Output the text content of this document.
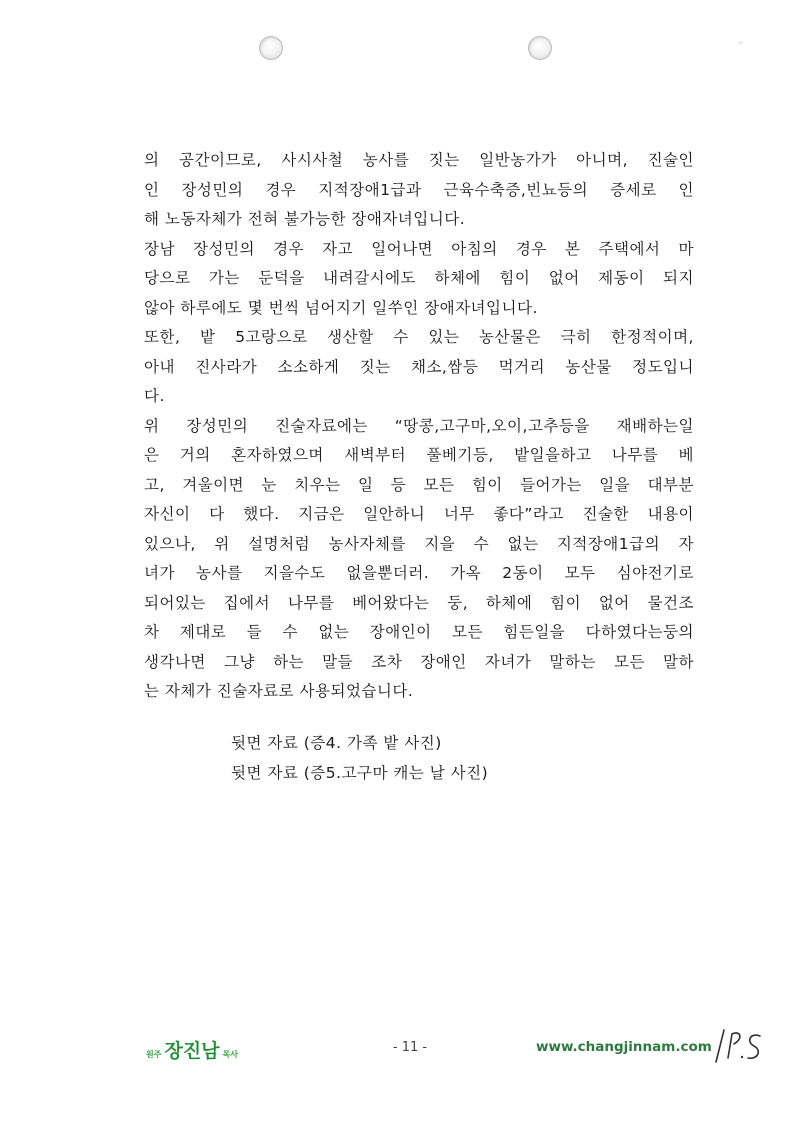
-
의 공간이므로, 사시사철 농사를 짓는 일반농가가 아니며, 진술인
인 장성민의 경우 지적장애1급과 근육수축증,빈뇨등의 증세로 인
해 노동자체가 전혀 불가능한 장애자녀입니다.
장남 장성민의 경우 자고 일어나면 아침의 경우 본 주택에서 마
당으로 가는 둔덕을 내려갈시에도 하체에 힘이 없어 제동이 되지
않아 하루에도 몇 번씩 넘어지기 일쑤인 장애자녀입니다.
또한, 밭 5고랑으로 생산할 수 있는 농산물은 극히 한정적이며,
아내 진사라가 소소하게 짓는 채소,쌈등 먹거리 농산물 정도입니
다.
위 장성민의 진술자료에는 “땅콩,고구마,오이,고추등을 재배하는일
은 거의 혼자하였으며 새벽부터 풀베기등, 밭일을하고 나무를 베
고, 겨울이면 눈 치우는 일 등 모든 힘이 들어가는 일을 대부분
자신이 다 했다. 지금은 일안하니 너무 좋다”라고 진술한 내용이
있으나, 위 설명처럼 농사자체를 지을 수 없는 지적장애1급의 자
녀가 농사를 지을수도 없을뿐더러. 가옥 2동이 모두 심야전기로
되어있는 집에서 나무를 베어왔다는 둥, 하체에 힘이 없어 물건조
차 제대로 들 수 없는 장애인이 모든 힘든일을 다하였다는둥의
생각나면 그냥 하는 말들 조차 장애인 자녀가 말하는 모든 말하
는 자체가 진술자료로 사용되었습니다.
뒷면 자료 (증4. 가족 밭 사진)
뒷면 자료 (증5.고구마 캐는 날 사진)
원주 장진남 목사	- 11 -	www.changjinnam.com
